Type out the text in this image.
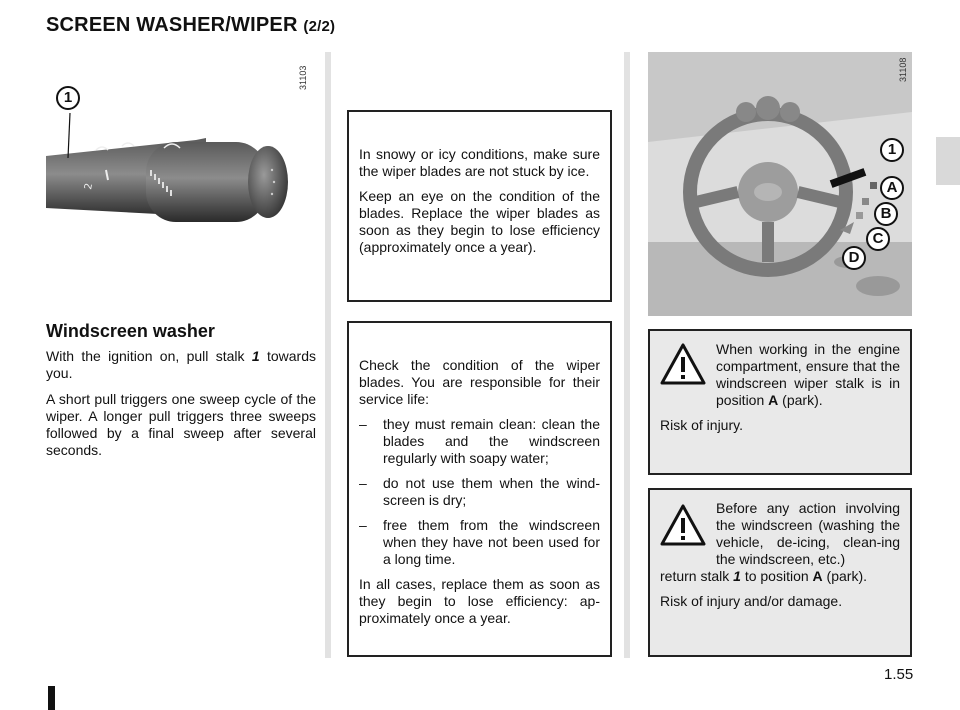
SCREEN WASHER/WIPER (2/2)
2
1
31103
1
A
B
C
D
31108
Windscreen washer

With the ignition on, pull stalk 1 towards you.

A short pull triggers one sweep cycle of the wiper. A longer pull triggers three sweeps followed by a final sweep after several seconds.

In snowy or icy conditions, make sure the wiper blades are not stuck by ice.

Keep an eye on the condition of the blades. Replace the wiper blades as soon as they begin to lose efficiency (approximately once a year).

Check the condition of the wiper blades. You are responsible for their service life:

– they must remain clean: clean the blades and the windscreen regularly with soapy water;
– do not use them when the wind-screen is dry;
– free them from the windscreen when they have not been used for a long time.

In all cases, replace them as soon as they begin to lose efficiency: ap-proximately once a year.

When working in the engine compartment, ensure that the windscreen wiper stalk is in position A (park).

Risk of injury.

Before any action involving the windscreen (washing the vehicle, de-icing, clean-ing the windscreen, etc.)

return stalk 1 to position A (park).

Risk of injury and/or damage.

1.55
